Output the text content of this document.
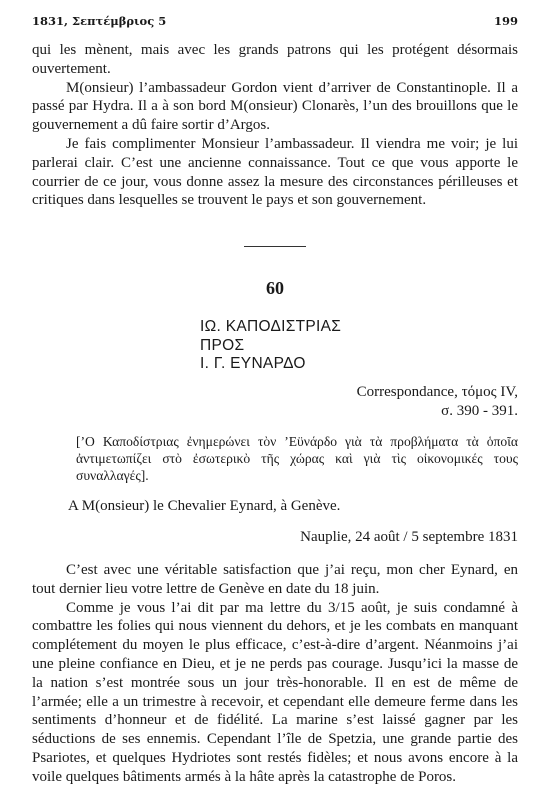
1831, Σεπτέμβριος 5	199

qui les mènent, mais avec les grands patrons qui les protégent désormais ouvertement.

M(onsieur) l’ambassadeur Gordon vient d’arriver de Constantinople. Il a passé par Hydra. Il a à son bord M(onsieur) Clonarès, l’un des brouillons que le gouvernement a dû faire sortir d’Argos.

Je fais complimenter Monsieur l’ambassadeur. Il viendra me voir; je lui parlerai clair. C’est une ancienne connaissance. Tout ce que vous apporte le courrier de ce jour, vous donne assez la mesure des circonstances périlleuses et critiques dans lesquelles se trouvent le pays et son gouvernement.

60
ΙΩ. ΚΑΠΟΔΙΣΤΡΙΑΣ
ΠΡΟΣ
Ι. Γ. ΕΥΝΑΡΔΟ
Correspondance, τόμος IV,
σ. 390 - 391.
[’Ο Καποδίστριας ἐνημερώνει τὸν ’Εϋνάρδο γιὰ τὰ προβλήματα τὰ ὁποῖα ἀντιμετωπίζει στὸ ἐσωτερικὸ τῆς χώρας καὶ γιὰ τὶς οἰκονομικές τους συναλλαγές].
A M(onsieur) le Chevalier Eynard, à Genève.
Nauplie, 24 août / 5 septembre 1831

C’est avec une véritable satisfaction que j’ai reçu, mon cher Eynard, en tout dernier lieu votre lettre de Genève en date du 18 juin.

Comme je vous l’ai dit par ma lettre du 3/15 août, je suis condamné à combattre les folies qui nous viennent du dehors, et je les combats en manquant complétement du moyen le plus efficace, c’est-à-dire d’argent. Néanmoins j’ai une pleine confiance en Dieu, et je ne perds pas courage. Jusqu’ici la masse de la nation s’est montrée sous un jour très-honorable. Il en est de même de l’armée; elle a un trimestre à recevoir, et cependant elle demeure ferme dans les sentiments d’honneur et de fidélité. La marine s’est laissé gagner par les séductions de ses ennemis. Cependant l’île de Spetzia, une grande partie des Psariotes, et quelques Hydriotes sont restés fidèles; et nous avons encore à la voile quelques bâtiments armés à la hâte après la catastrophe de Poros.
